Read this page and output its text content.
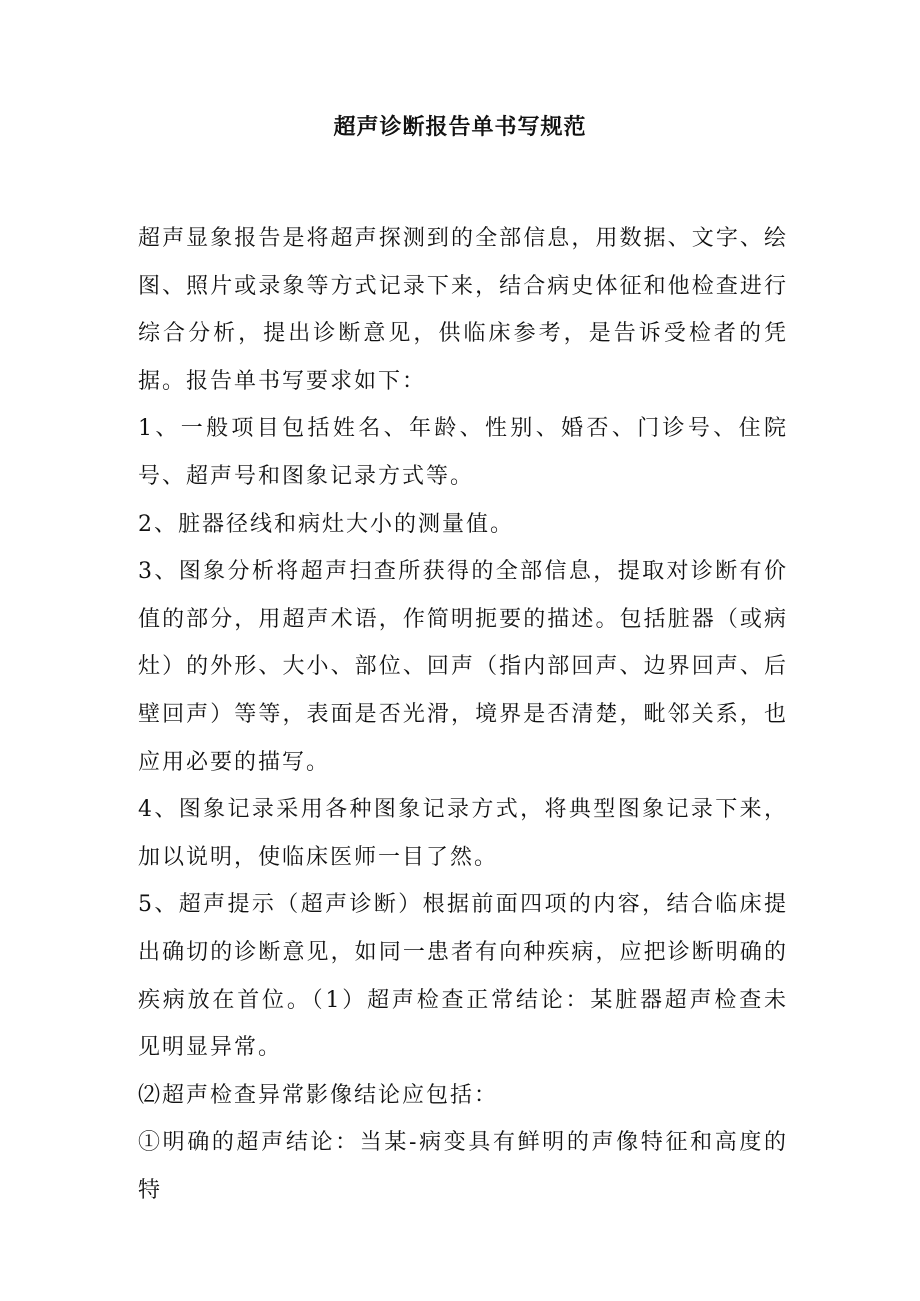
超声诊断报告单书写规范

超声显象报告是将超声探测到的全部信息，用数据、文字、绘图、照片或录象等方式记录下来，结合病史体征和他检查进行综合分析，提出诊断意见，供临床参考，是告诉受检者的凭据。报告单书写要求如下：

1、一般项目包括姓名、年龄、性别、婚否、门诊号、住院号、超声号和图象记录方式等。

2、脏器径线和病灶大小的测量值。

3、图象分析将超声扫查所获得的全部信息，提取对诊断有价值的部分，用超声术语，作简明扼要的描述。包括脏器（或病灶）的外形、大小、部位、回声（指内部回声、边界回声、后壁回声）等等，表面是否光滑，境界是否清楚，毗邻关系，也应用必要的描写。

4、图象记录采用各种图象记录方式，将典型图象记录下来，加以说明，使临床医师一目了然。

5、超声提示（超声诊断）根据前面四项的内容，结合临床提出确切的诊断意见，如同一患者有向种疾病，应把诊断明确的疾病放在首位。（1）超声检查正常结论：某脏器超声检查未见明显异常。

⑵超声检查异常影像结论应包括：

①明确的超声结论：当某-病变具有鲜明的声像特征和高度的特
